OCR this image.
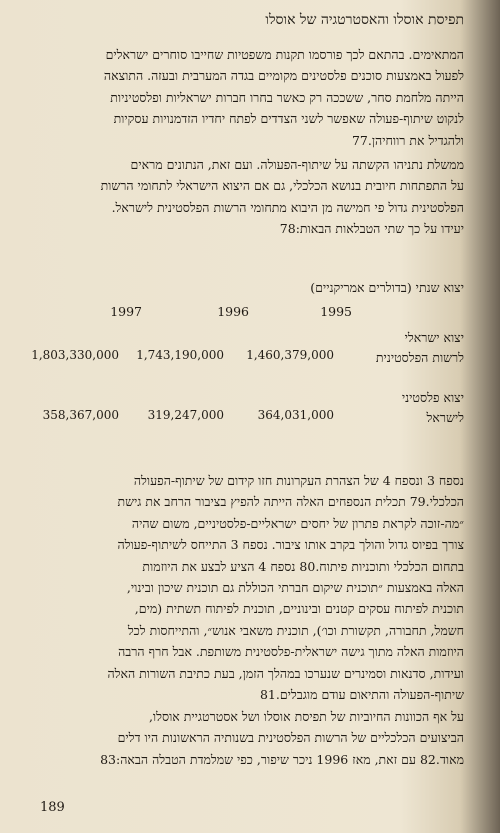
תפיסת אוסלו והאסטרטגיה של אוסלו

המתאימים. בהתאם לכך פורסמו תקנות משפטיות שחייבו סוחרים ישראלים

לפעול באמצעות סוכנים פלסטינים מקומיים בגדה המערבית ובעזה. התוצאה

הייתה מלחמת סחר, ששככה רק כאשר בחרו חברות ישראליות ופלסטיניות

לנקוט שיתוף-פעולה שאפשר לשני הצדדים לפתח יחדיו הזדמנויות עסקיות

ולהגדיל את רווחיהן.77

ממשלת נתניהו הקשתה על שיתוף-הפעולה. ועם זאת, הנתונים מראים

על התפתחות חיובית בנושא הכלכלי, גם אם היצוא הישראלי לתחומי הרשות

הפלסטינית גדול פי חמישה מן היבוא מתחומי הרשות הפלסטינית לישראל.

יעידו על כך שתי הטבלאות הבאות:78

יצוא שנתי (בדולרים אמריקניים)
1995
1996
1997
יצוא ישראלי
לרשות הפלסטינית
1,460,379,000
1,743,190,000
1,803,330,000
יצוא פלסטיני
לישראל
364,031,000
319,247,000
358,367,000

נספח 3 ונספח 4 של הצהרת העקרונות חזו קידום של שיתוף-הפעולה

הכלכלי.79 תכלית הנספחים האלה הייתה להפיץ בציבור הרחב את גישת

״מה-זוכה לקראת פתרון של יחסים ישראליים-פלסטיניים, משום שהיה

צורך בפיוס גדול והולך בקרב אותו ציבור. נספח 3 התייחס לשיתוף-פעולה

בתחום הכלכלי ותוכניות פיתוח.80 נספח 4 הציע לבצע את היוזמות

האלה באמצעות ״תוכנית שיקום חברתי הכוללת גם תוכנית שיכון ובינוי,

תוכנית לפיתוח עסקים קטנים ובינוניים, תוכנית לפיתוח תשתית (מים,

חשמל, תחבורה, תקשורת וכו׳), תוכנית משאבי אנוש״, והתייחסות לכל

היוזמות האלה מתוך גישה ישראלית-פלסטינית משותפת. אבל חרף הרבה

ועידות, סדנאות וסמינרים שנערכו במהלך הזמן, בעת כתיבת השורות האלה

שיתוף-הפעולה והתיאום עודם מוגבלים.81

על אף הכוונות החיוביות של תפיסת אוסלו ושל אסטרטגיית אוסלו,

הביצועים הכלכליים של הרשות הפלסטינית בשנותיה הראשונות היו דלים

מאוד.82 עם זאת, מאז 1996 ניכר שיפור, כפי שמלמדת הטבלה הבאה:83

189
